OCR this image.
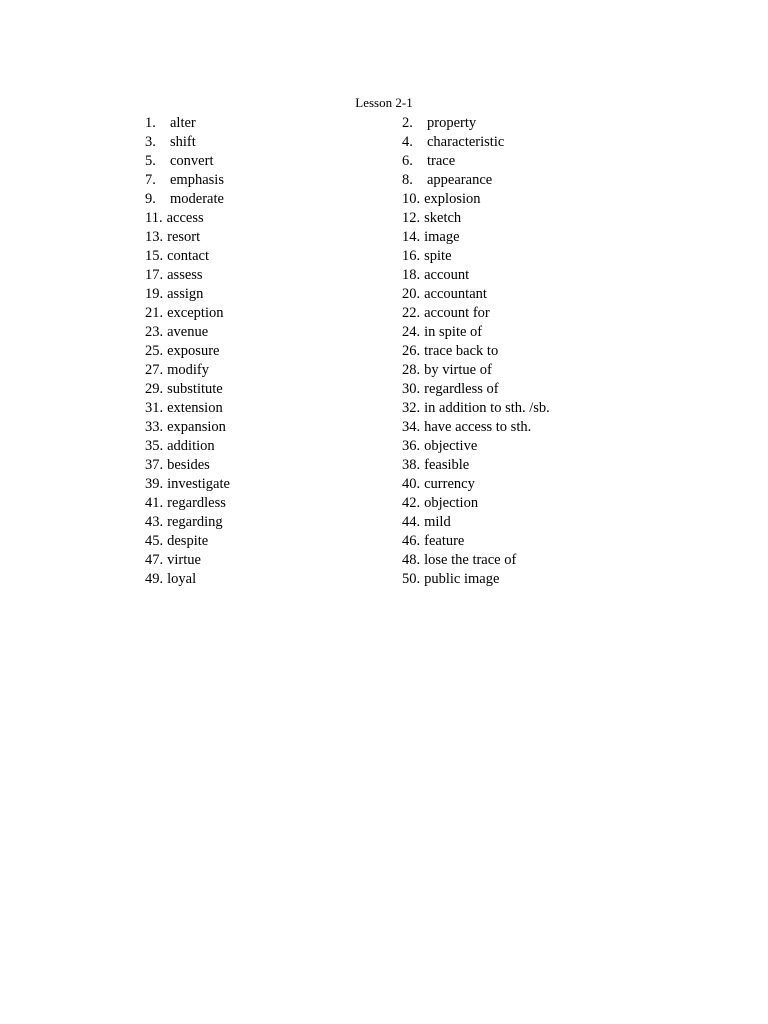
Lesson 2-1
1. alter
3. shift
5. convert
7. emphasis
9. moderate
11. access
13. resort
15. contact
17. assess
19. assign
21. exception
23. avenue
25. exposure
27. modify
29. substitute
31. extension
33. expansion
35. addition
37. besides
39. investigate
41. regardless
43. regarding
45. despite
47. virtue
49. loyal
2. property
4. characteristic
6. trace
8. appearance
10. explosion
12. sketch
14. image
16. spite
18. account
20. accountant
22. account for
24. in spite of
26. trace back to
28. by virtue of
30. regardless of
32. in addition to sth. /sb.
34. have access to sth.
36. objective
38. feasible
40. currency
42. objection
44. mild
46. feature
48. lose the trace of
50. public image
